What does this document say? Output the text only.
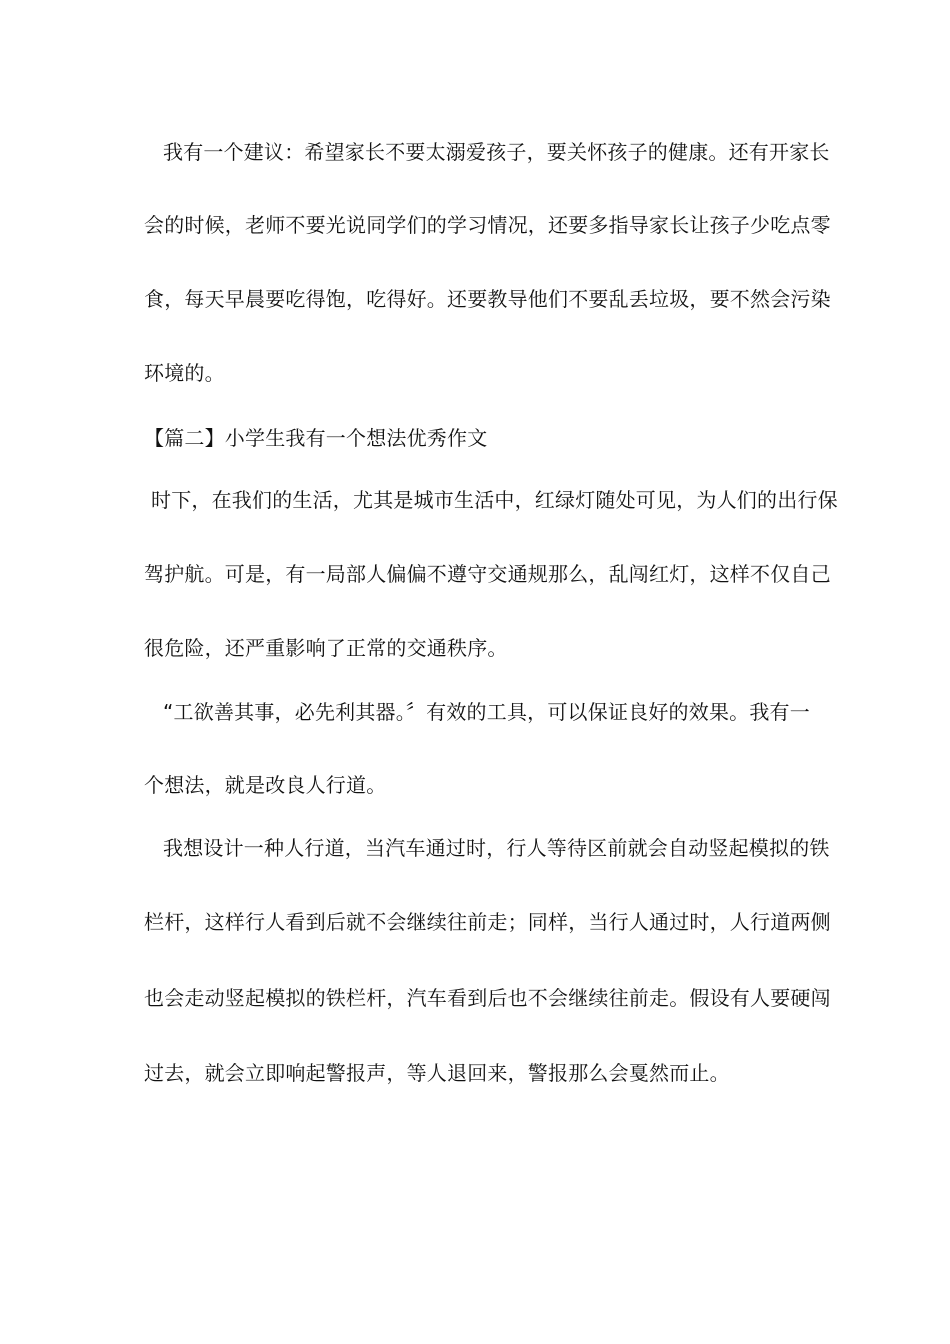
我有一个建议：希望家长不要太溺爱孩子，要关怀孩子的健康。还有开家长
会的时候，老师不要光说同学们的学习情况，还要多指导家长让孩子少吃点零
食，每天早晨要吃得饱，吃得好。还要教导他们不要乱丢垃圾，要不然会污染
环境的。
【篇二】小学生我有一个想法优秀作文
时下，在我们的生活，尤其是城市生活中，红绿灯随处可见，为人们的出行保
驾护航。可是，有一局部人偏偏不遵守交通规那么，乱闯红灯，这样不仅自己
很危险，还严重影响了正常的交通秩序。
“工欲善其事，必先利其器。〞有效的工具，可以保证良好的效果。我有一
个想法，就是改良人行道。
我想设计一种人行道，当汽车通过时，行人等待区前就会自动竖起模拟的铁
栏杆，这样行人看到后就不会继续往前走；同样，当行人通过时，人行道两侧
也会走动竖起模拟的铁栏杆，汽车看到后也不会继续往前走。假设有人要硬闯
过去，就会立即响起警报声，等人退回来，警报那么会戛然而止。
